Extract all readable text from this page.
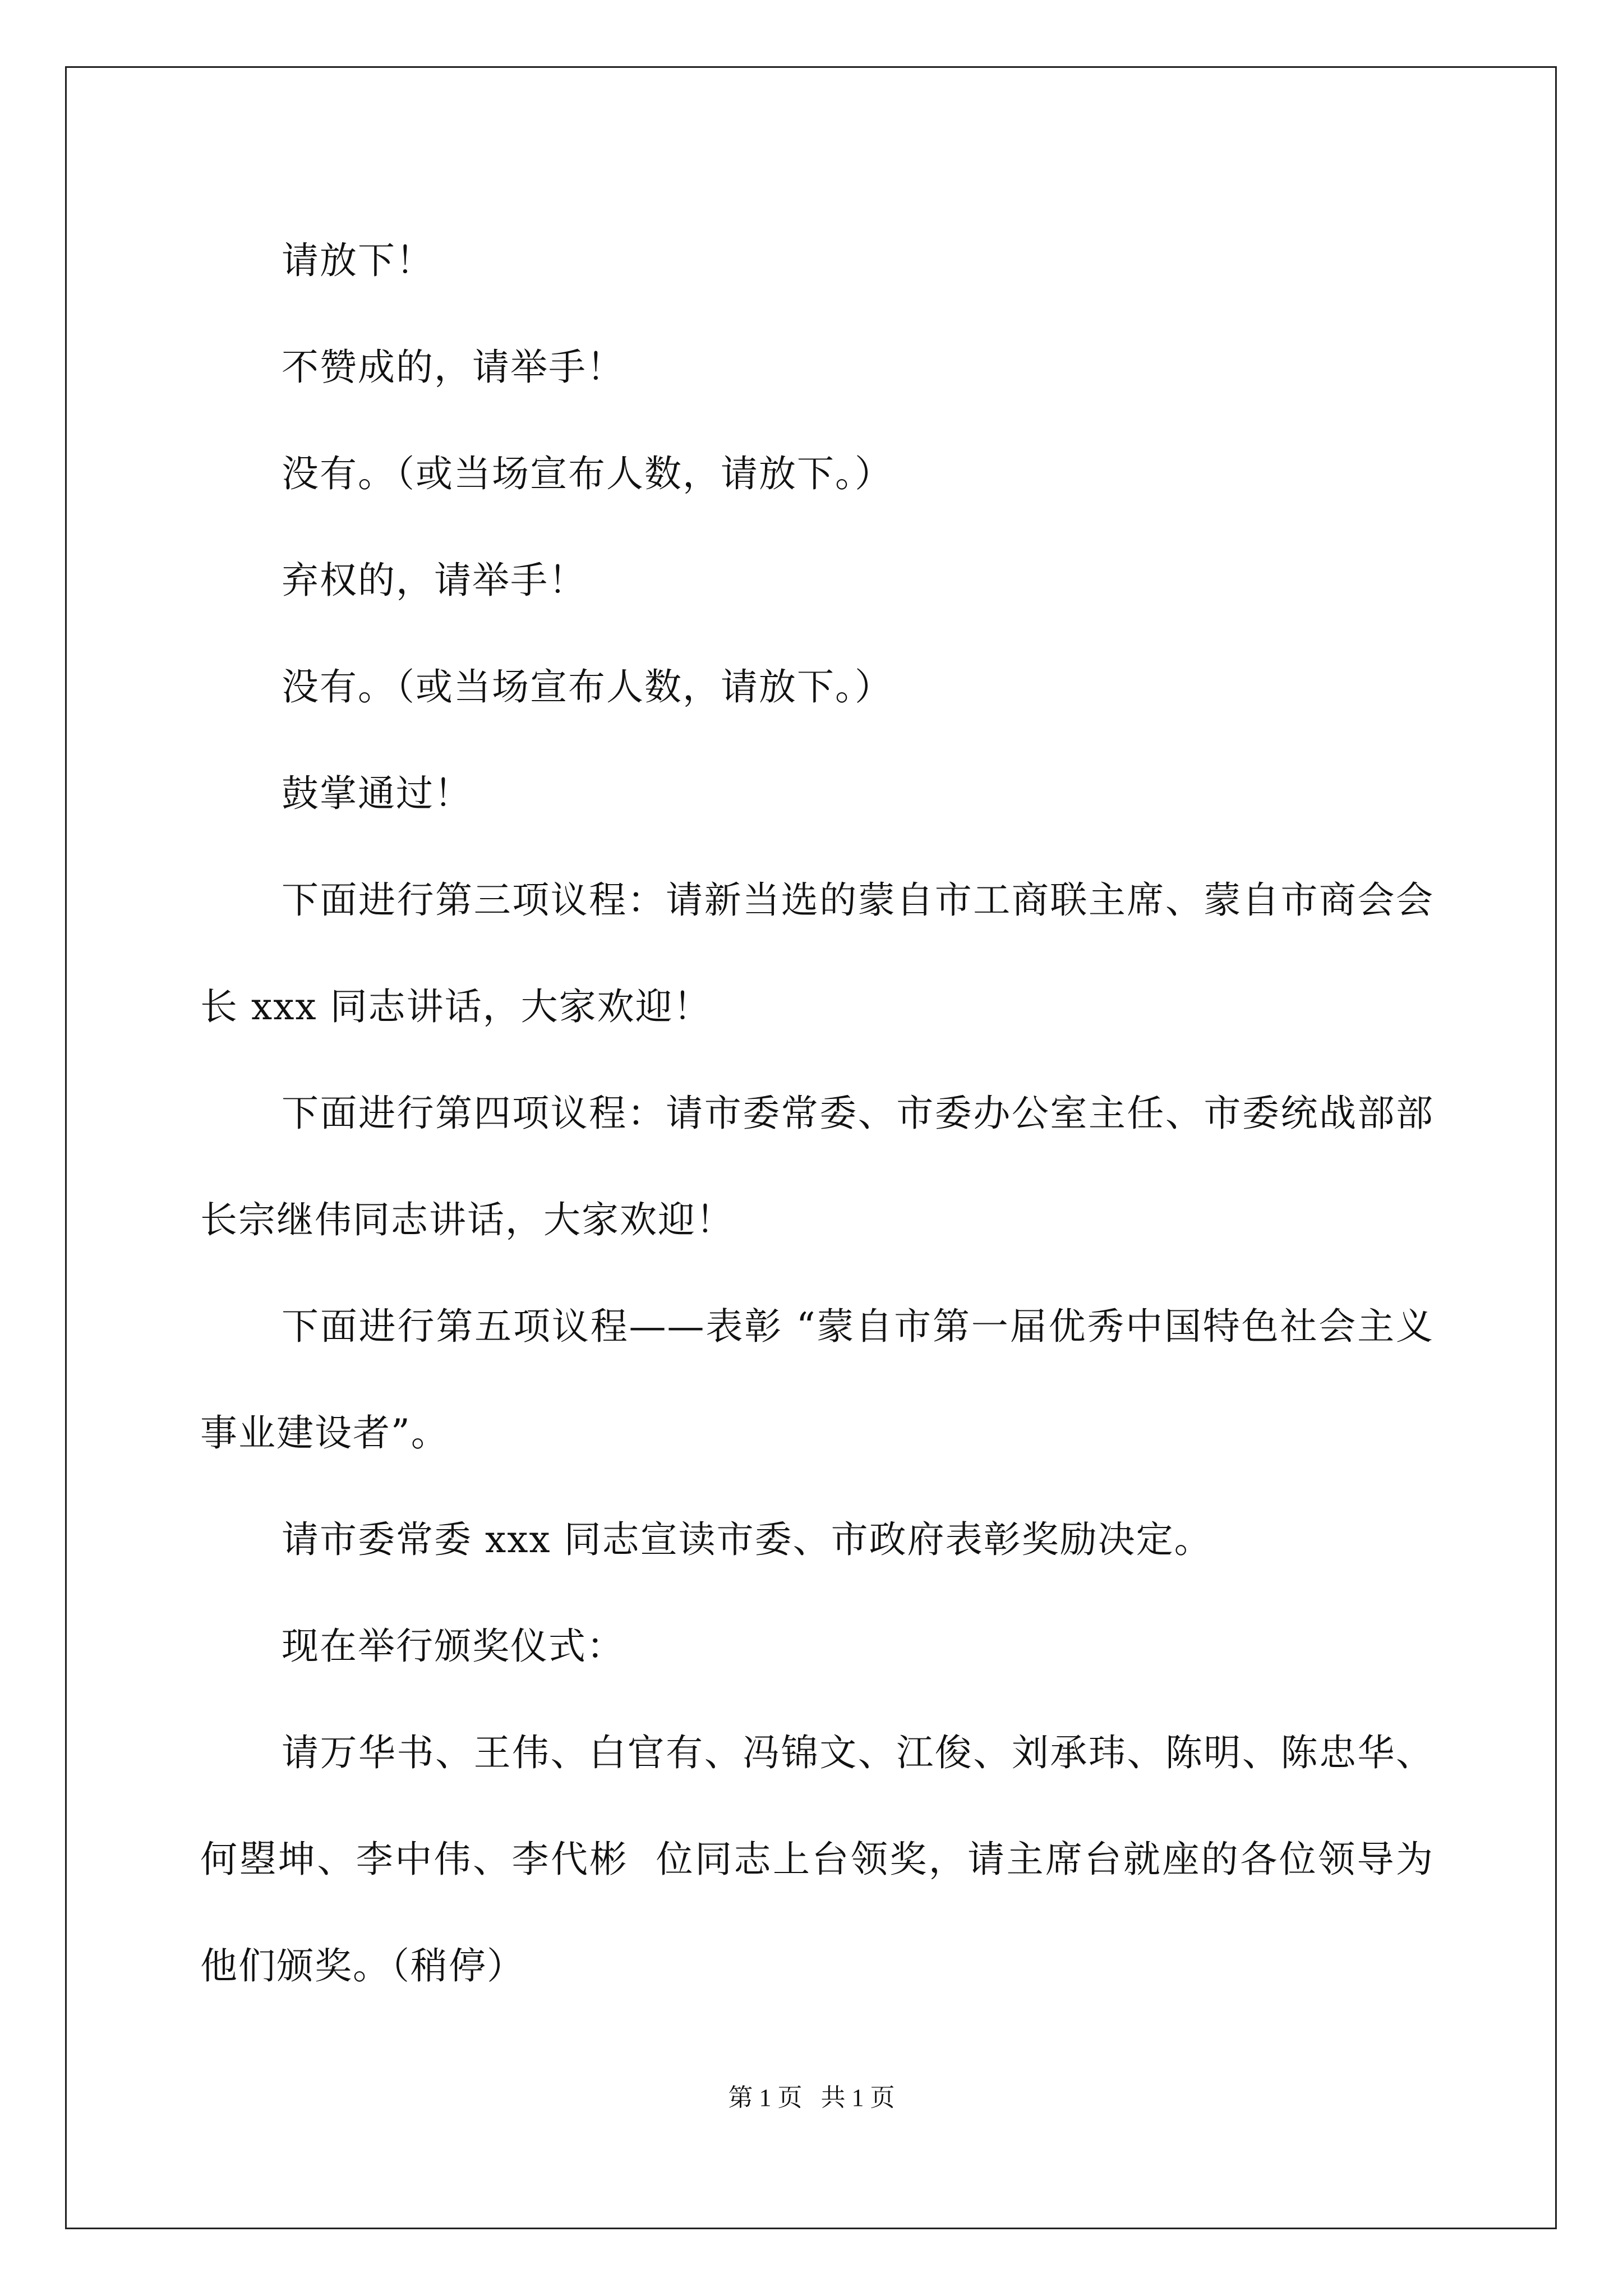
请放下！

不赞成的，请举手！

没有。（或当场宣布人数，请放下。）

弃权的，请举手！

没有。（或当场宣布人数，请放下。）

鼓掌通过！

下面进行第三项议程：请新当选的蒙自市工商联主席、蒙自市商会会长 xxx 同志讲话，大家欢迎！

下面进行第四项议程：请市委常委、市委办公室主任、市委统战部部长宗继伟同志讲话，大家欢迎！

下面进行第五项议程——表彰 “蒙自市第一届优秀中国特色社会主义事业建设者”。

请市委常委 xxx 同志宣读市委、市政府表彰奖励决定。

现在举行颁奖仪式：

请万华书、王伟、白官有、冯锦文、江俊、刘承玮、陈明、陈忠华、何曌坤、李中伟、李代彬  位同志上台领奖，请主席台就座的各位领导为他们颁奖。（稍停）

第 1 页   共 1 页
